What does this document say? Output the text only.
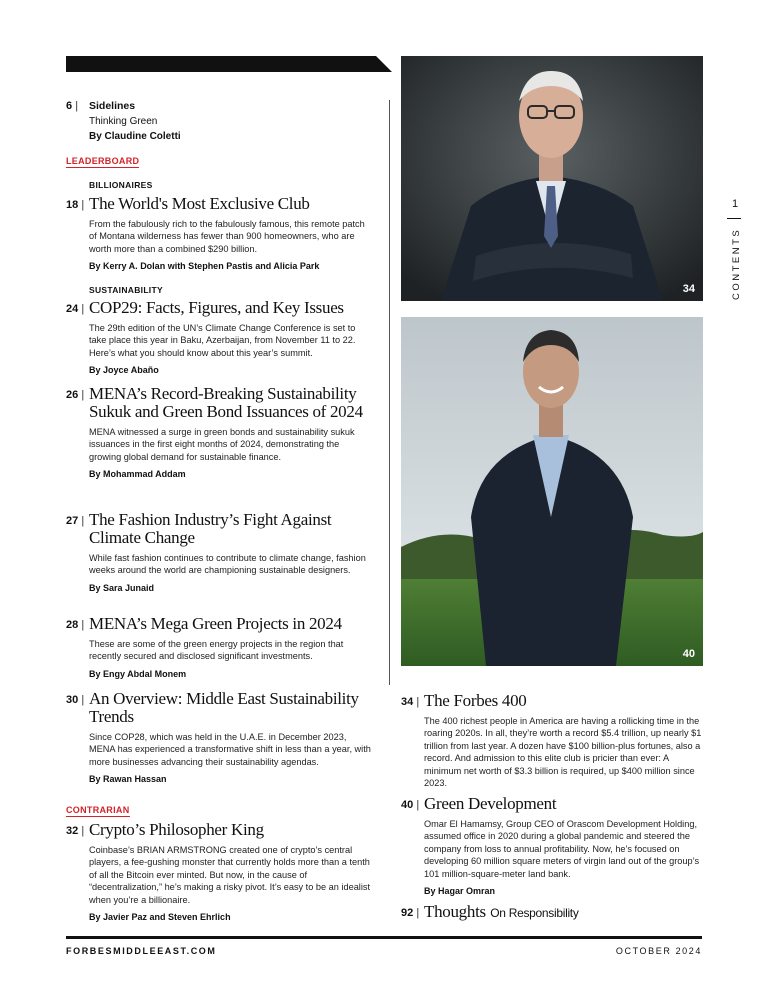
34
40
6 | Sidelines
Thinking Green
By Claudine Coletti
LEADERBOARD
BILLIONAIRES
18 | The World's Most Exclusive Club
From the fabulously rich to the fabulously famous, this remote patch of Montana wilderness has fewer than 900 homeowners, who are worth more than a combined $290 billion.
By Kerry A. Dolan with Stephen Pastis and Alicia Park
SUSTAINABILITY
24 | COP29: Facts, Figures, and Key Issues
The 29th edition of the UN’s Climate Change Conference is set to take place this year in Baku, Azerbaijan, from November 11 to 22. Here’s what you should know about this year’s summit.
By Joyce Abaño
26 | MENA’s Record-Breaking Sustainability Sukuk and Green Bond Issuances of 2024
MENA witnessed a surge in green bonds and sustainability sukuk issuances in the first eight months of 2024, demonstrating the growing global demand for sustainable finance.
By Mohammad Addam
27 | The Fashion Industry’s Fight Against Climate Change
While fast fashion continues to contribute to climate change, fashion weeks around the world are championing sustainable designers.
By Sara Junaid
28 | MENA’s Mega Green Projects in 2024
These are some of the green energy projects in the region that recently secured and disclosed significant investments.
By Engy Abdal Monem
30 | An Overview: Middle East Sustainability Trends
Since COP28, which was held in the U.A.E. in December 2023, MENA has experienced a transformative shift in less than a year, with more businesses advancing their sustainability agendas.
By Rawan Hassan
CONTRARIAN
32 | Crypto’s Philosopher King
Coinbase’s BRIAN ARMSTRONG created one of crypto’s central players, a fee-gushing monster that currently holds more than a tenth of all the Bitcoin ever minted. But now, in the cause of “decentralization,” he’s making a risky pivot. It’s easy to be an idealist when you’re a billionaire.
By Javier Paz and Steven Ehrlich
34 | The Forbes 400
The 400 richest people in America are having a rollicking time in the roaring 2020s. In all, they’re worth a record $5.4 trillion, up nearly $1 trillion from last year. A dozen have $100 billion-plus fortunes, also a record. And admission to this elite club is pricier than ever: A minimum net worth of $3.3 billion is required, up $400 million since 2023.
40 | Green Development
Omar El Hamamsy, Group CEO of Orascom Development Holding, assumed office in 2020 during a global pandemic and steered the company from loss to annual profitability. Now, he’s focused on developing 60 million square meters of virgin land out of the group’s 101 million-square-meter land bank.
By Hagar Omran
92 | Thoughts On Responsibility
1
CONTENTS
FORBESMIDDLEEAST.COM	OCTOBER 2024
